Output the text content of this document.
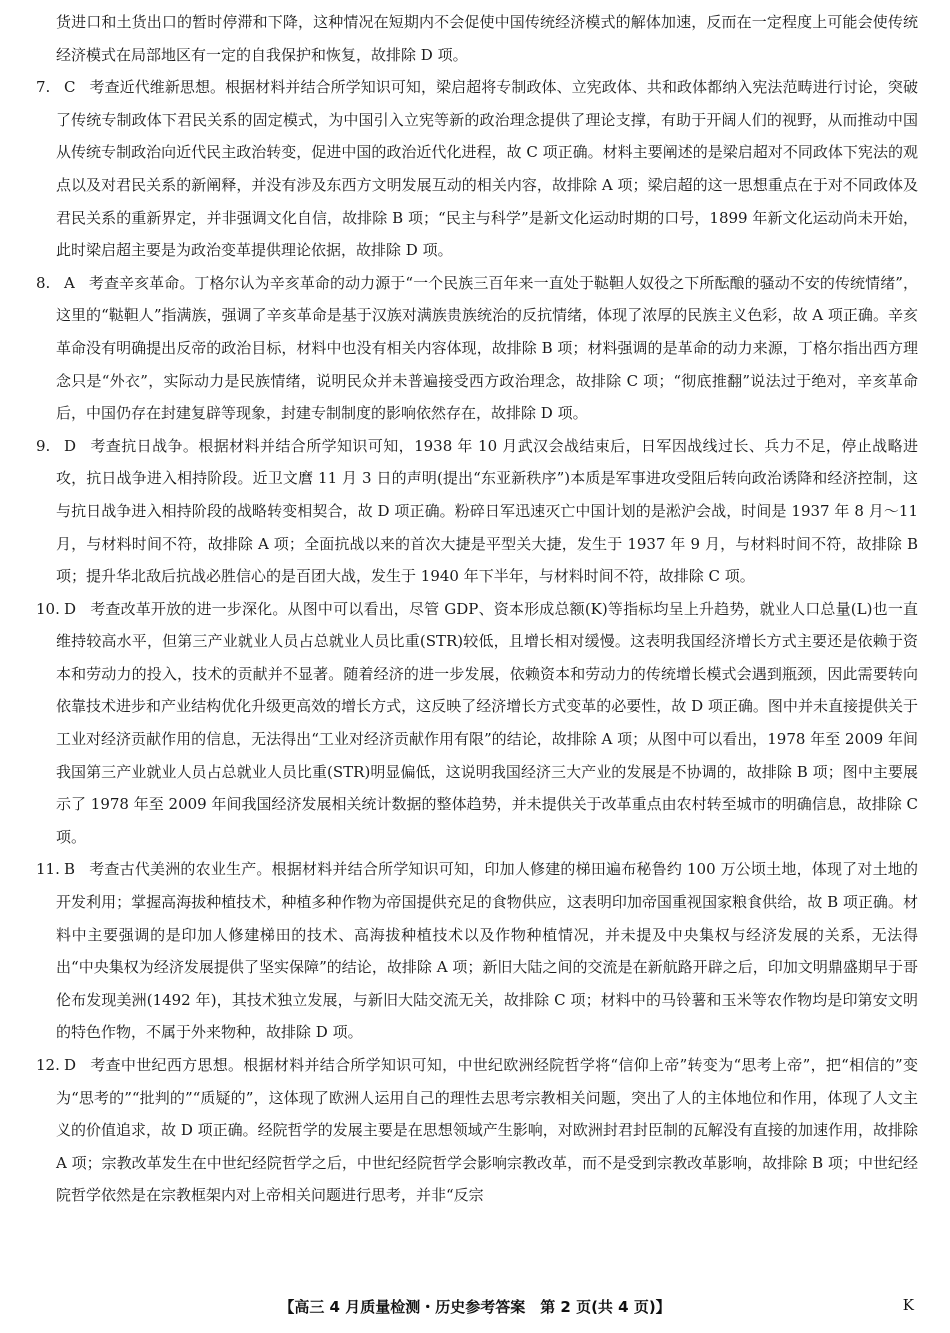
货进口和土货出口的暂时停滞和下降，这种情况在短期内不会促使中国传统经济模式的解体加速，反而在一定程度上可能会使传统经济模式在局部地区有一定的自我保护和恢复，故排除 D 项。

7. C 考查近代维新思想。根据材料并结合所学知识可知，梁启超将专制政体、立宪政体、共和政体都纳入宪法范畴进行讨论，突破了传统专制政体下君民关系的固定模式，为中国引入立宪等新的政治理念提供了理论支撑，有助于开阔人们的视野，从而推动中国从传统专制政治向近代民主政治转变，促进中国的政治近代化进程，故 C 项正确。材料主要阐述的是梁启超对不同政体下宪法的观点以及对君民关系的新阐释，并没有涉及东西方文明发展互动的相关内容，故排除 A 项；梁启超的这一思想重点在于对不同政体及君民关系的重新界定，并非强调文化自信，故排除 B 项；“民主与科学”是新文化运动时期的口号，1899 年新文化运动尚未开始，此时梁启超主要是为政治变革提供理论依据，故排除 D 项。

8. A 考查辛亥革命。丁格尔认为辛亥革命的动力源于“一个民族三百年来一直处于鞑靼人奴役之下所酝酿的骚动不安的传统情绪”，这里的“鞑靼人”指满族，强调了辛亥革命是基于汉族对满族贵族统治的反抗情绪，体现了浓厚的民族主义色彩，故 A 项正确。辛亥革命没有明确提出反帝的政治目标，材料中也没有相关内容体现，故排除 B 项；材料强调的是革命的动力来源，丁格尔指出西方理念只是“外衣”，实际动力是民族情绪，说明民众并未普遍接受西方政治理念，故排除 C 项；“彻底推翻”说法过于绝对，辛亥革命后，中国仍存在封建复辟等现象，封建专制制度的影响依然存在，故排除 D 项。

9. D 考查抗日战争。根据材料并结合所学知识可知，1938 年 10 月武汉会战结束后，日军因战线过长、兵力不足，停止战略进攻，抗日战争进入相持阶段。近卫文麿 11 月 3 日的声明(提出“东亚新秩序”)本质是军事进攻受阻后转向政治诱降和经济控制，这与抗日战争进入相持阶段的战略转变相契合，故 D 项正确。粉碎日军迅速灭亡中国计划的是淞沪会战，时间是 1937 年 8 月～11 月，与材料时间不符，故排除 A 项；全面抗战以来的首次大捷是平型关大捷，发生于 1937 年 9 月，与材料时间不符，故排除 B 项；提升华北敌后抗战必胜信心的是百团大战，发生于 1940 年下半年，与材料时间不符，故排除 C 项。

10. D 考查改革开放的进一步深化。从图中可以看出，尽管 GDP、资本形成总额(K)等指标均呈上升趋势，就业人口总量(L)也一直维持较高水平，但第三产业就业人员占总就业人员比重(STR)较低，且增长相对缓慢。这表明我国经济增长方式主要还是依赖于资本和劳动力的投入，技术的贡献并不显著。随着经济的进一步发展，依赖资本和劳动力的传统增长模式会遇到瓶颈，因此需要转向依靠技术进步和产业结构优化升级更高效的增长方式，这反映了经济增长方式变革的必要性，故 D 项正确。图中并未直接提供关于工业对经济贡献作用的信息，无法得出“工业对经济贡献作用有限”的结论，故排除 A 项；从图中可以看出，1978 年至 2009 年间我国第三产业就业人员占总就业人员比重(STR)明显偏低，这说明我国经济三大产业的发展是不协调的，故排除 B 项；图中主要展示了 1978 年至 2009 年间我国经济发展相关统计数据的整体趋势，并未提供关于改革重点由农村转至城市的明确信息，故排除 C 项。

11. B 考查古代美洲的农业生产。根据材料并结合所学知识可知，印加人修建的梯田遍布秘鲁约 100 万公顷土地，体现了对土地的开发利用；掌握高海拔种植技术，种植多种作物为帝国提供充足的食物供应，这表明印加帝国重视国家粮食供给，故 B 项正确。材料中主要强调的是印加人修建梯田的技术、高海拔种植技术以及作物种植情况，并未提及中央集权与经济发展的关系，无法得出“中央集权为经济发展提供了坚实保障”的结论，故排除 A 项；新旧大陆之间的交流是在新航路开辟之后，印加文明鼎盛期早于哥伦布发现美洲(1492 年)，其技术独立发展，与新旧大陆交流无关，故排除 C 项；材料中的马铃薯和玉米等农作物均是印第安文明的特色作物，不属于外来物种，故排除 D 项。

12. D 考查中世纪西方思想。根据材料并结合所学知识可知，中世纪欧洲经院哲学将“信仰上帝”转变为“思考上帝”，把“相信的”变为“思考的”“批判的”“质疑的”，这体现了欧洲人运用自己的理性去思考宗教相关问题，突出了人的主体地位和作用，体现了人文主义的价值追求，故 D 项正确。经院哲学的发展主要是在思想领域产生影响，对欧洲封君封臣制的瓦解没有直接的加速作用，故排除 A 项；宗教改革发生在中世纪经院哲学之后，中世纪经院哲学会影响宗教改革，而不是受到宗教改革影响，故排除 B 项；中世纪经院哲学依然是在宗教框架内对上帝相关问题进行思考，并非“反宗

【高三 4 月质量检测・历史参考答案　第 2 页(共 4 页)】	K
